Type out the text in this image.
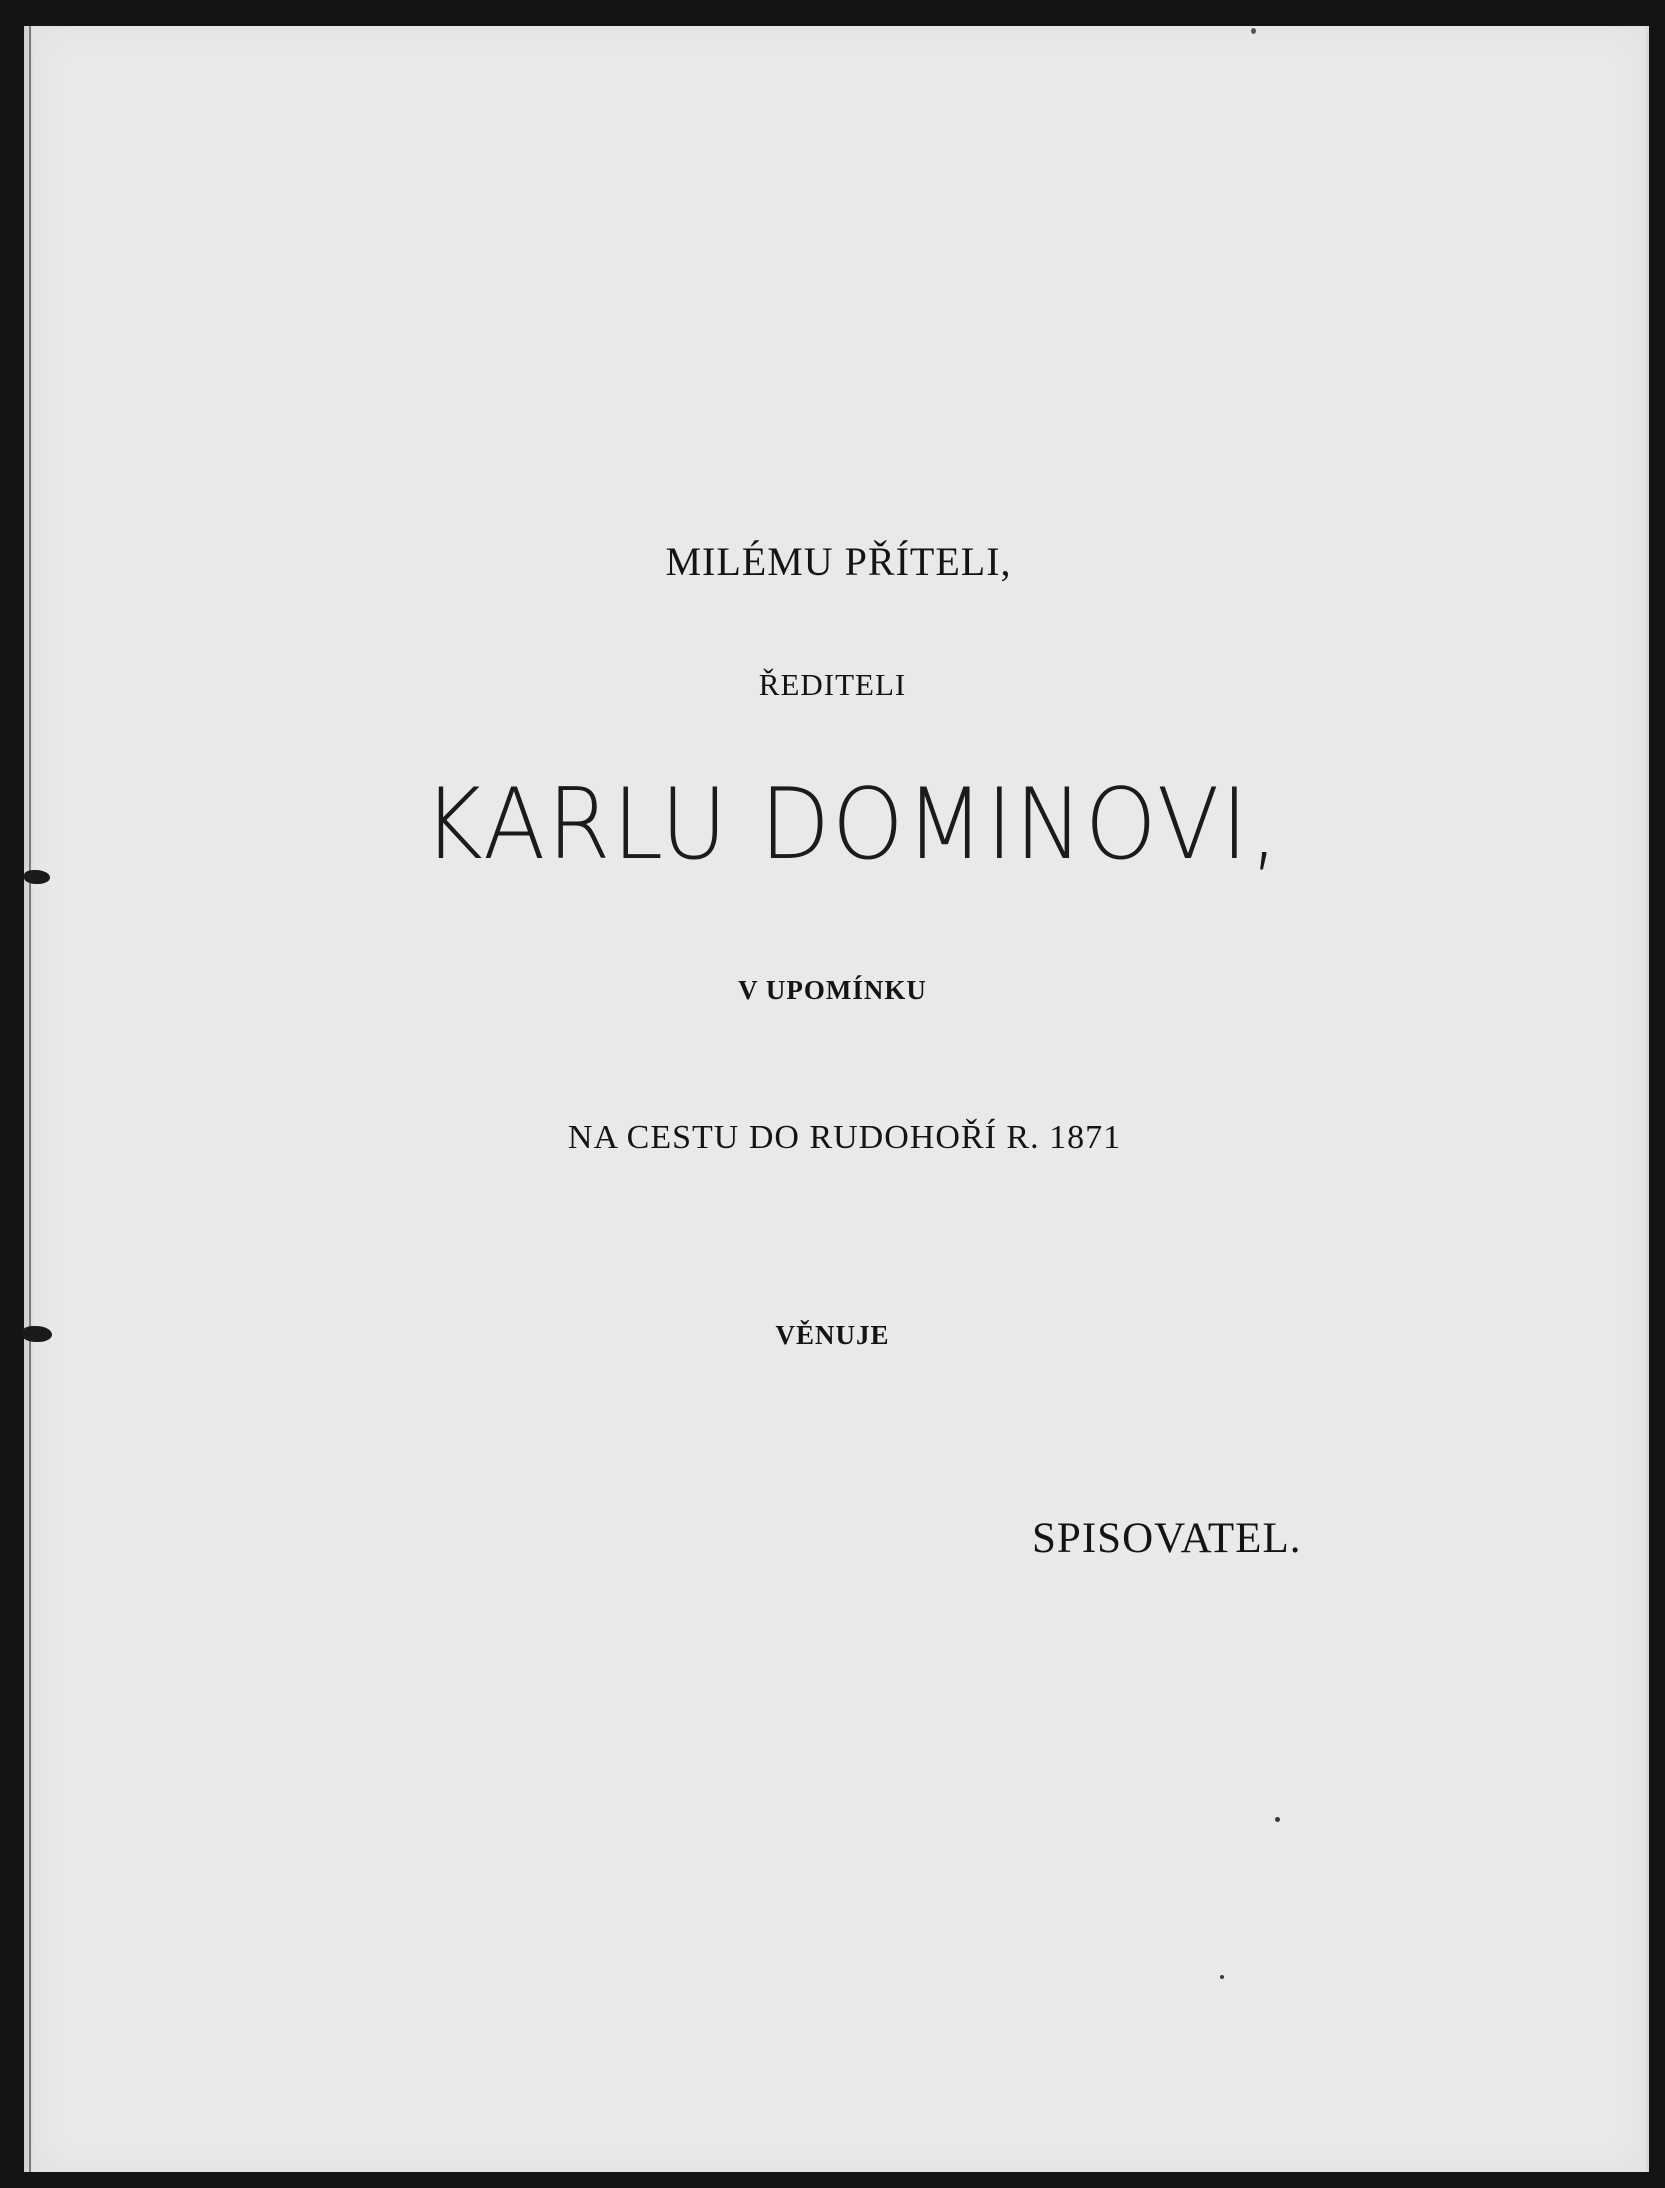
MILÉMU PŘÍTELI,

ŘEDITELI

KARLU DOMINOVI,

V UPOMÍNKU

NA CESTU DO RUDOHOŘÍ R. 1871

VĚNUJE

SPISOVATEL.
